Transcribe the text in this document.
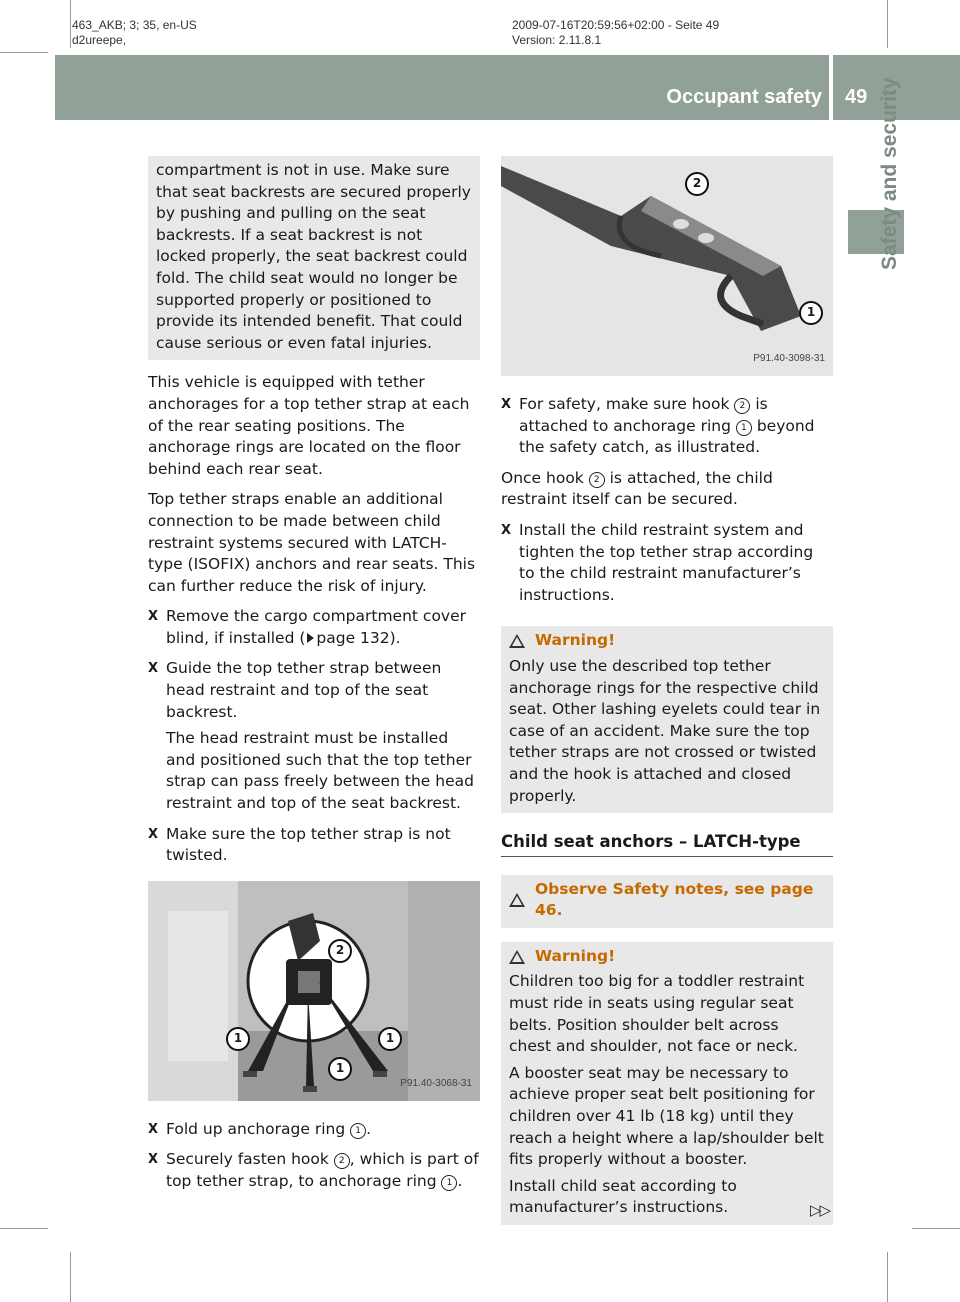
463_AKB; 3; 35, en-US
d2ureepe,
2009-07-16T20:59:56+02:00 - Seite 49
Version: 2.11.8.1
Occupant safety 49 Safety and security
compartment is not in use. Make sure that seat backrests are secured properly by pushing and pulling on the seat backrests. If a seat backrest is not locked properly, the seat backrest could fold. The child seat would no longer be supported properly or positioned to provide its intended benefit. That could cause serious or even fatal injuries.

This vehicle is equipped with tether anchorages for a top tether strap at each of the rear seating positions. The anchorage rings are located on the floor behind each rear seat.

Top tether straps enable an additional connection to be made between child restraint systems secured with LATCH-type (ISOFIX) anchors and rear seats. This can further reduce the risk of injury.

X Remove the cargo compartment cover blind, if installed ( page 132).
X Guide the top tether strap between head restraint and top of the seat backrest.
The head restraint must be installed and positioned such that the top tether strap can pass freely between the head restraint and top of the seat backrest.
X Make sure the top tether strap is not twisted.
2
1	1
1
P91.40-3068-31
X Fold up anchorage ring 1 .
X Securely fasten hook 2 , which is part of top tether strap, to anchorage ring 1 .
2
1
P91.40-3098-31
X For safety, make sure hook 2 is attached to anchorage ring 1 beyond the safety catch, as illustrated.

Once hook 2 is attached, the child restraint itself can be secured.

X Install the child restraint system and tighten the top tether strap according to the child restraint manufacturer’s instructions.
Warning!
Only use the described top tether anchorage rings for the respective child seat. Other lashing eyelets could tear in case of an accident. Make sure the top tether straps are not crossed or twisted and the hook is attached and closed properly.
Child seat anchors – LATCH-type
Observe Safety notes, see page 46.
Warning!
Children too big for a toddler restraint must ride in seats using regular seat belts. Position shoulder belt across chest and shoulder, not face or neck.
A booster seat may be necessary to achieve proper seat belt positioning for children over 41 lb (18 kg) until they reach a height where a lap/shoulder belt fits properly without a booster.
Install child seat according to manufacturer’s instructions.	▷▷
